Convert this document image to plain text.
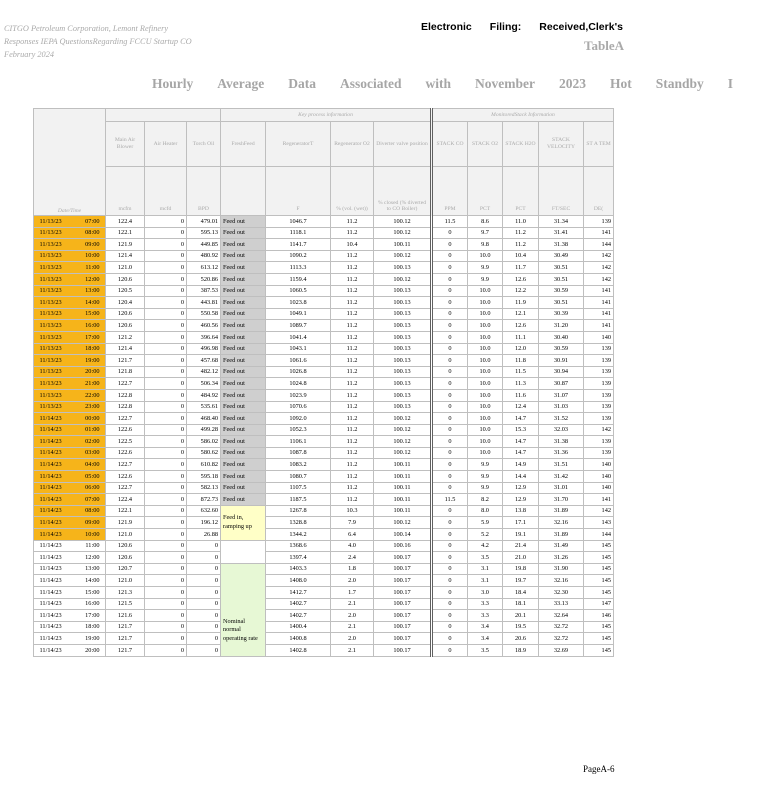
CITGO Petroleum Corporation, Lemont Refinery
Responses IEPA QuestionsRegarding FCCU Startup CO
February 2024
Electronic Filing: Received,Clerk's
TableA
Hourly Average Data Associated with November 2023 Hot Standby I
Date/Time				Key process information				MonitoredStack Information				
	Main Air Blower	Air Heater	Torch Oil	FreshFeed	RegeneratorT	Regenerator O2	Diverter valve position	STACK CO	STACK O2	STACK H2O	STACK VELOCITY	ST A TEM
	mcfm	mcfd	BPD		F	% (vol. (wet))	% closed (% diverted to CO Boiler)	PPM	PCT	PCT	FT/SEC	DE(
11/13/23 07:00	122.4	0	479.01	Feed out	1046.7	11.2	100.12	11.5	8.6	11.0	31.34	139
11/13/23 08:00	122.1	0	595.13	Feed out	1118.1	11.2	100.12	0	9.7	11.2	31.41	141
11/13/23 09:00	121.9	0	449.85	Feed out	1141.7	10.4	100.11	0	9.8	11.2	31.38	144
11/13/23 10:00	121.4	0	480.92	Feed out	1090.2	11.2	100.12	0	10.0	10.4	30.49	142
11/13/23 11:00	121.0	0	613.12	Feed out	1113.3	11.2	100.13	0	9.9	11.7	30.51	142
11/13/23 12:00	120.6	0	520.86	Feed out	1159.4	11.2	100.12	0	9.9	12.6	30.51	142
11/13/23 13:00	120.5	0	387.53	Feed out	1060.5	11.2	100.13	0	10.0	12.2	30.59	141
11/13/23 14:00	120.4	0	443.81	Feed out	1023.8	11.2	100.13	0	10.0	11.9	30.51	141
11/13/23 15:00	120.6	0	550.58	Feed out	1049.1	11.2	100.13	0	10.0	12.1	30.39	141
11/13/23 16:00	120.6	0	460.56	Feed out	1089.7	11.2	100.13	0	10.0	12.6	31.20	141
11/13/23 17:00	121.2	0	396.64	Feed out	1041.4	11.2	100.13	0	10.0	11.1	30.40	140
11/13/23 18:00	121.4	0	496.98	Feed out	1043.1	11.2	100.13	0	10.0	12.0	30.59	139
11/13/23 19:00	121.7	0	457.68	Feed out	1061.6	11.2	100.13	0	10.0	11.8	30.91	139
11/13/23 20:00	121.8	0	482.12	Feed out	1026.8	11.2	100.13	0	10.0	11.5	30.94	139
11/13/23 21:00	122.7	0	506.34	Feed out	1024.8	11.2	100.13	0	10.0	11.3	30.87	139
11/13/23 22:00	122.8	0	484.92	Feed out	1023.9	11.2	100.13	0	10.0	11.6	31.07	139
11/13/23 23:00	122.8	0	535.61	Feed out	1070.6	11.2	100.13	0	10.0	12.4	31.03	139
11/14/23 00:00	122.7	0	468.40	Feed out	1092.0	11.2	100.12	0	10.0	14.7	31.52	139
11/14/23 01:00	122.6	0	499.28	Feed out	1052.3	11.2	100.12	0	10.0	15.3	32.03	142
11/14/23 02:00	122.5	0	586.02	Feed out	1106.1	11.2	100.12	0	10.0	14.7	31.38	139
11/14/23 03:00	122.6	0	580.62	Feed out	1087.8	11.2	100.12	0	10.0	14.7	31.36	139
11/14/23 04:00	122.7	0	610.82	Feed out	1083.2	11.2	100.11	0	9.9	14.9	31.51	140
11/14/23 05:00	122.6	0	595.18	Feed out	1080.7	11.2	100.11	0	9.9	14.4	31.42	140
11/14/23 06:00	122.7	0	582.13	Feed out	1107.5	11.2	100.11	0	9.9	12.9	31.01	140
11/14/23 07:00	122.4	0	872.73	Feed out	1187.5	11.2	100.11	11.5	8.2	12.9	31.70	141
11/14/23 08:00	122.1	0	632.60	Feed in, ramping up	1267.8	10.3	100.11	0	8.0	13.8	31.89	142
11/14/23 09:00	121.9	0	196.12		1328.8	7.9	100.12	0	5.9	17.1	32.16	143
11/14/23 10:00	121.0	0	26.88		1344.2	6.4	100.14	0	5.2	19.1	31.89	144
11/14/23 11:00	120.6	0	0		1368.6	4.0	100.16	0	4.2	21.4	31.49	145
11/14/23 12:00	120.6	0	0		1397.4	2.4	100.17	0	3.5	21.0	31.26	145
11/14/23 13:00	120.7	0	0	Nominal normal operating rate	1403.3	1.8	100.17	0	3.1	19.8	31.90	145
11/14/23 14:00	121.0	0	0		1408.0	2.0	100.17	0	3.1	19.7	32.16	145
11/14/23 15:00	121.3	0	0		1412.7	1.7	100.17	0	3.0	18.4	32.30	145
11/14/23 16:00	121.5	0	0		1402.7	2.1	100.17	0	3.3	18.1	33.13	147
11/14/23 17:00	121.6	0	0		1402.7	2.0	100.17	0	3.3	20.1	32.64	146
11/14/23 18:00	121.7	0	0		1400.4	2.1	100.17	0	3.4	19.5	32.72	145
11/14/23 19:00	121.7	0	0		1400.8	2.0	100.17	0	3.4	20.6	32.72	145
11/14/23 20:00	121.7	0	0		1402.8	2.1	100.17	0	3.5	18.9	32.69	145
PageA-6
